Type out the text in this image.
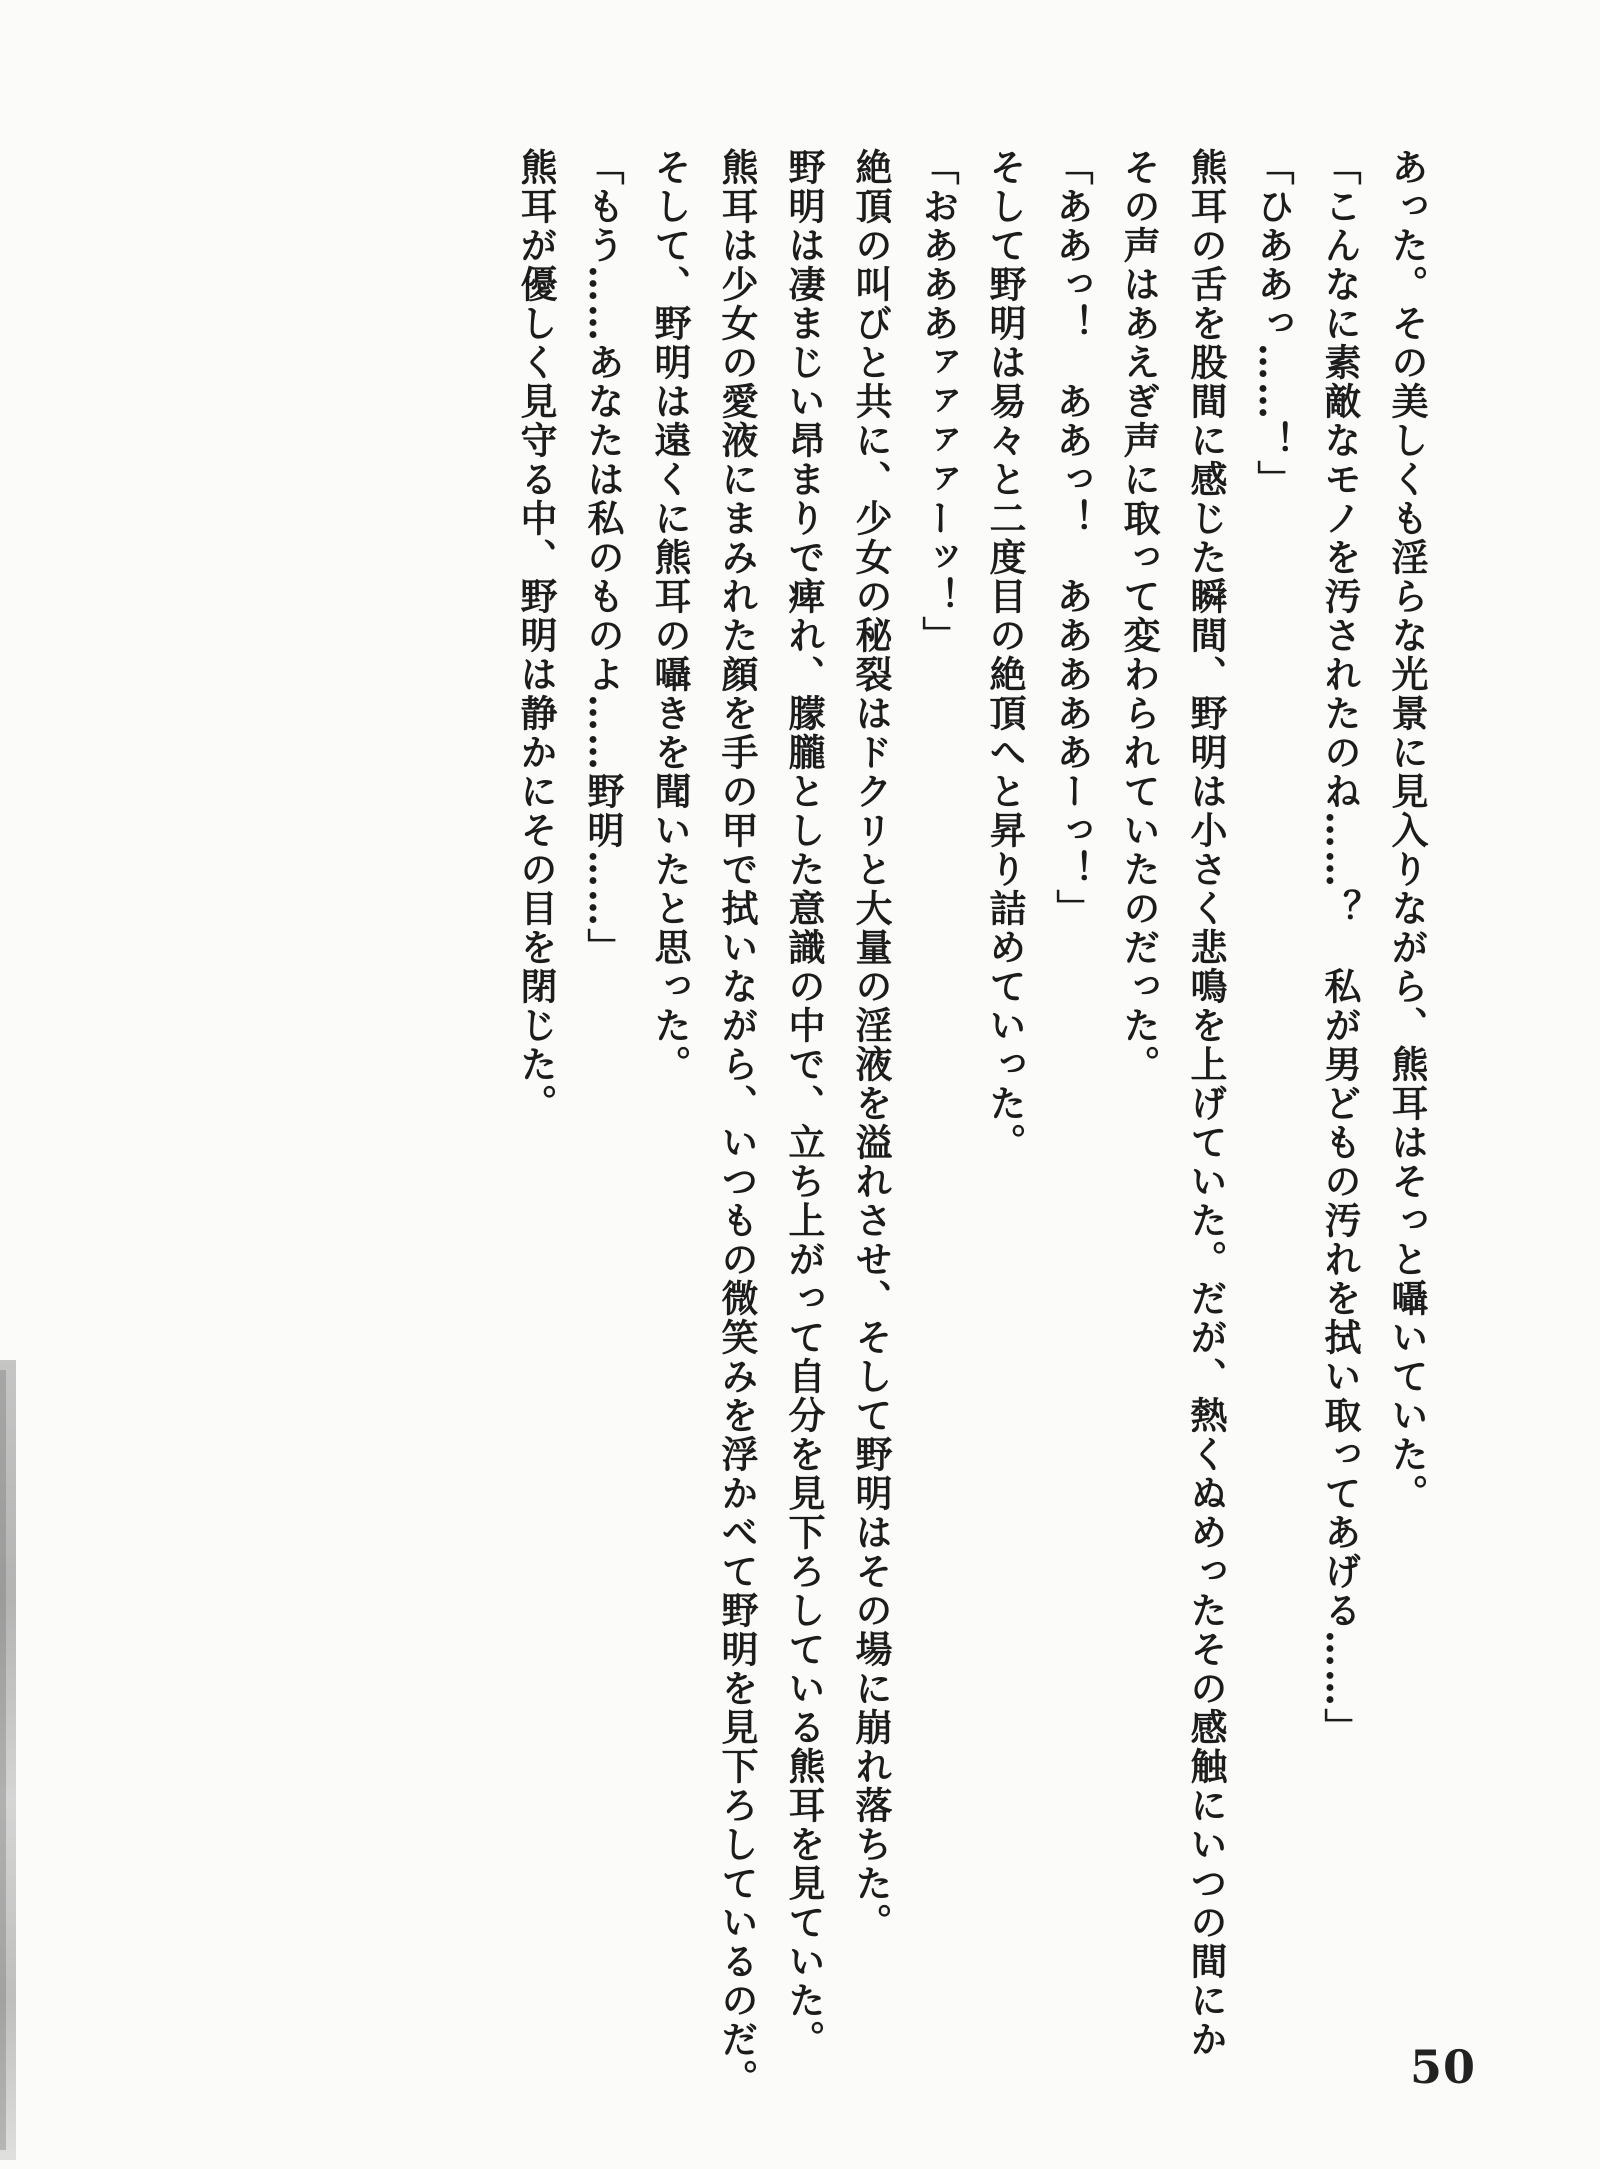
あった。その美しくも淫らな光景に見入りながら、熊耳はそっと囁いていた。
「こんなに素敵なモノを汚されたのね……？　私が男どもの汚れを拭い取ってあげる……」
「ひああっ……！」
熊耳の舌を股間に感じた瞬間、野明は小さく悲鳴を上げていた。だが、熱くぬめったその感触にいつの間にか
その声はあえぎ声に取って変わられていたのだった。
「ああっ！　ああっ！　あああああーっ！」
そして野明は易々と二度目の絶頂へと昇り詰めていった。
「おあああァァァァーッ！」
絶頂の叫びと共に、少女の秘裂はドクリと大量の淫液を溢れさせ、そして野明はその場に崩れ落ちた。
野明は凄まじい昂まりで痺れ、朦朧とした意識の中で、立ち上がって自分を見下ろしている熊耳を見ていた。
熊耳は少女の愛液にまみれた顔を手の甲で拭いながら、いつもの微笑みを浮かべて野明を見下ろしているのだ。
そして、野明は遠くに熊耳の囁きを聞いたと思った。
「もう……あなたは私のものよ……野明……」
熊耳が優しく見守る中、野明は静かにその目を閉じた。
50
